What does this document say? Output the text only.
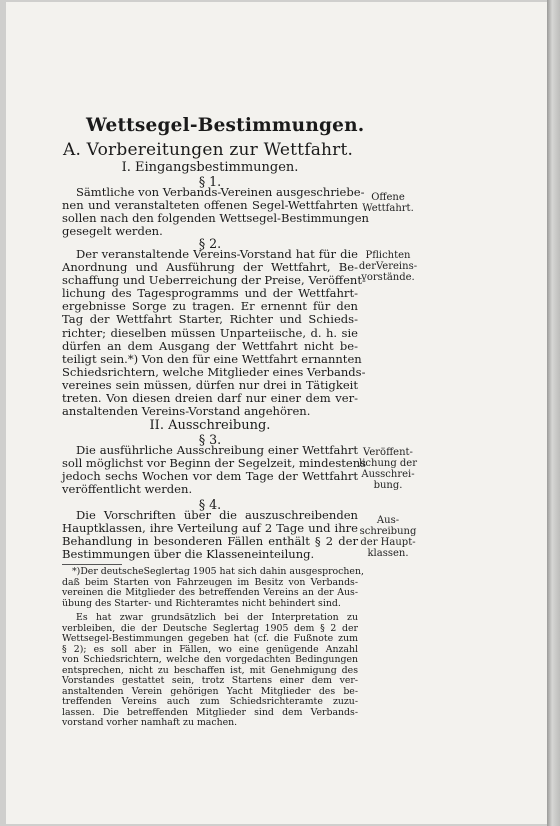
Wettsegel-Bestimmungen.
A. Vorbereitungen zur Wettfahrt.
I. Eingangsbestimmungen.
§ 1.
Sämtliche von Verbands-Vereinen ausgeschriebe-
nen und veranstalteten offenen Segel-Wettfahrten
sollen nach den folgenden Wettsegel-Bestimmungen
gesegelt werden.
Offene
Wettfahrt.
§ 2.
Der veranstaltende Vereins-Vorstand hat für die
Anordnung und Ausführung der Wettfahrt, Be-
schaffung und Ueberreichung der Preise, Veröffent-
lichung des Tagesprogramms und der Wettfahrt-
ergebnisse Sorge zu tragen. Er ernennt für den
Tag der Wettfahrt Starter, Richter und Schieds-
richter; dieselben müssen Unparteiische, d. h. sie
dürfen an dem Ausgang der Wettfahrt nicht be-
teiligt sein.*) Von den für eine Wettfahrt ernannten
Schiedsrichtern, welche Mitglieder eines Verbands-
vereines sein müssen, dürfen nur drei in Tätigkeit
treten. Von diesen dreien darf nur einer dem ver-
anstaltenden Vereins-Vorstand angehören.
Pflichten
derVereins-
vorstände.
II. Ausschreibung.
§ 3.
Die ausführliche Ausschreibung einer Wettfahrt
soll möglichst vor Beginn der Segelzeit, mindestens
jedoch sechs Wochen vor dem Tage der Wettfahrt
veröffentlicht werden.
Veröffent-
lichung der
Ausschrei-
bung.
§ 4.
Die Vorschriften über die auszuschreibenden
Hauptklassen, ihre Verteilung auf 2 Tage und ihre
Behandlung in besonderen Fällen enthält § 2 der
Bestimmungen über die Klasseneinteilung.
Aus-
schreibung
der Haupt-
klassen.
*)Der deutscheSeglertag 1905 hat sich dahin ausgesprochen,
daß beim Starten von Fahrzeugen im Besitz von Verbands-
vereinen die Mitglieder des betreffenden Vereins an der Aus-
übung des Starter- und Richteramtes nicht behindert sind.
Es hat zwar grundsätzlich bei der Interpretation zu
verbleiben, die der Deutsche Seglertag 1905 dem § 2 der
Wettsegel-Bestimmungen gegeben hat (cf. die Fußnote zum
§ 2); es soll aber in Fällen, wo eine genügende Anzahl
von Schiedsrichtern, welche den vorgedachten Bedingungen
entsprechen, nicht zu beschaffen ist, mit Genehmigung des
Vorstandes gestattet sein, trotz Startens einer dem ver-
anstaltenden Verein gehörigen Yacht Mitglieder des be-
treffenden Vereins auch zum Schiedsrichteramte zuzu-
lassen. Die betreffenden Mitglieder sind dem Verbands-
vorstand vorher namhaft zu machen.
